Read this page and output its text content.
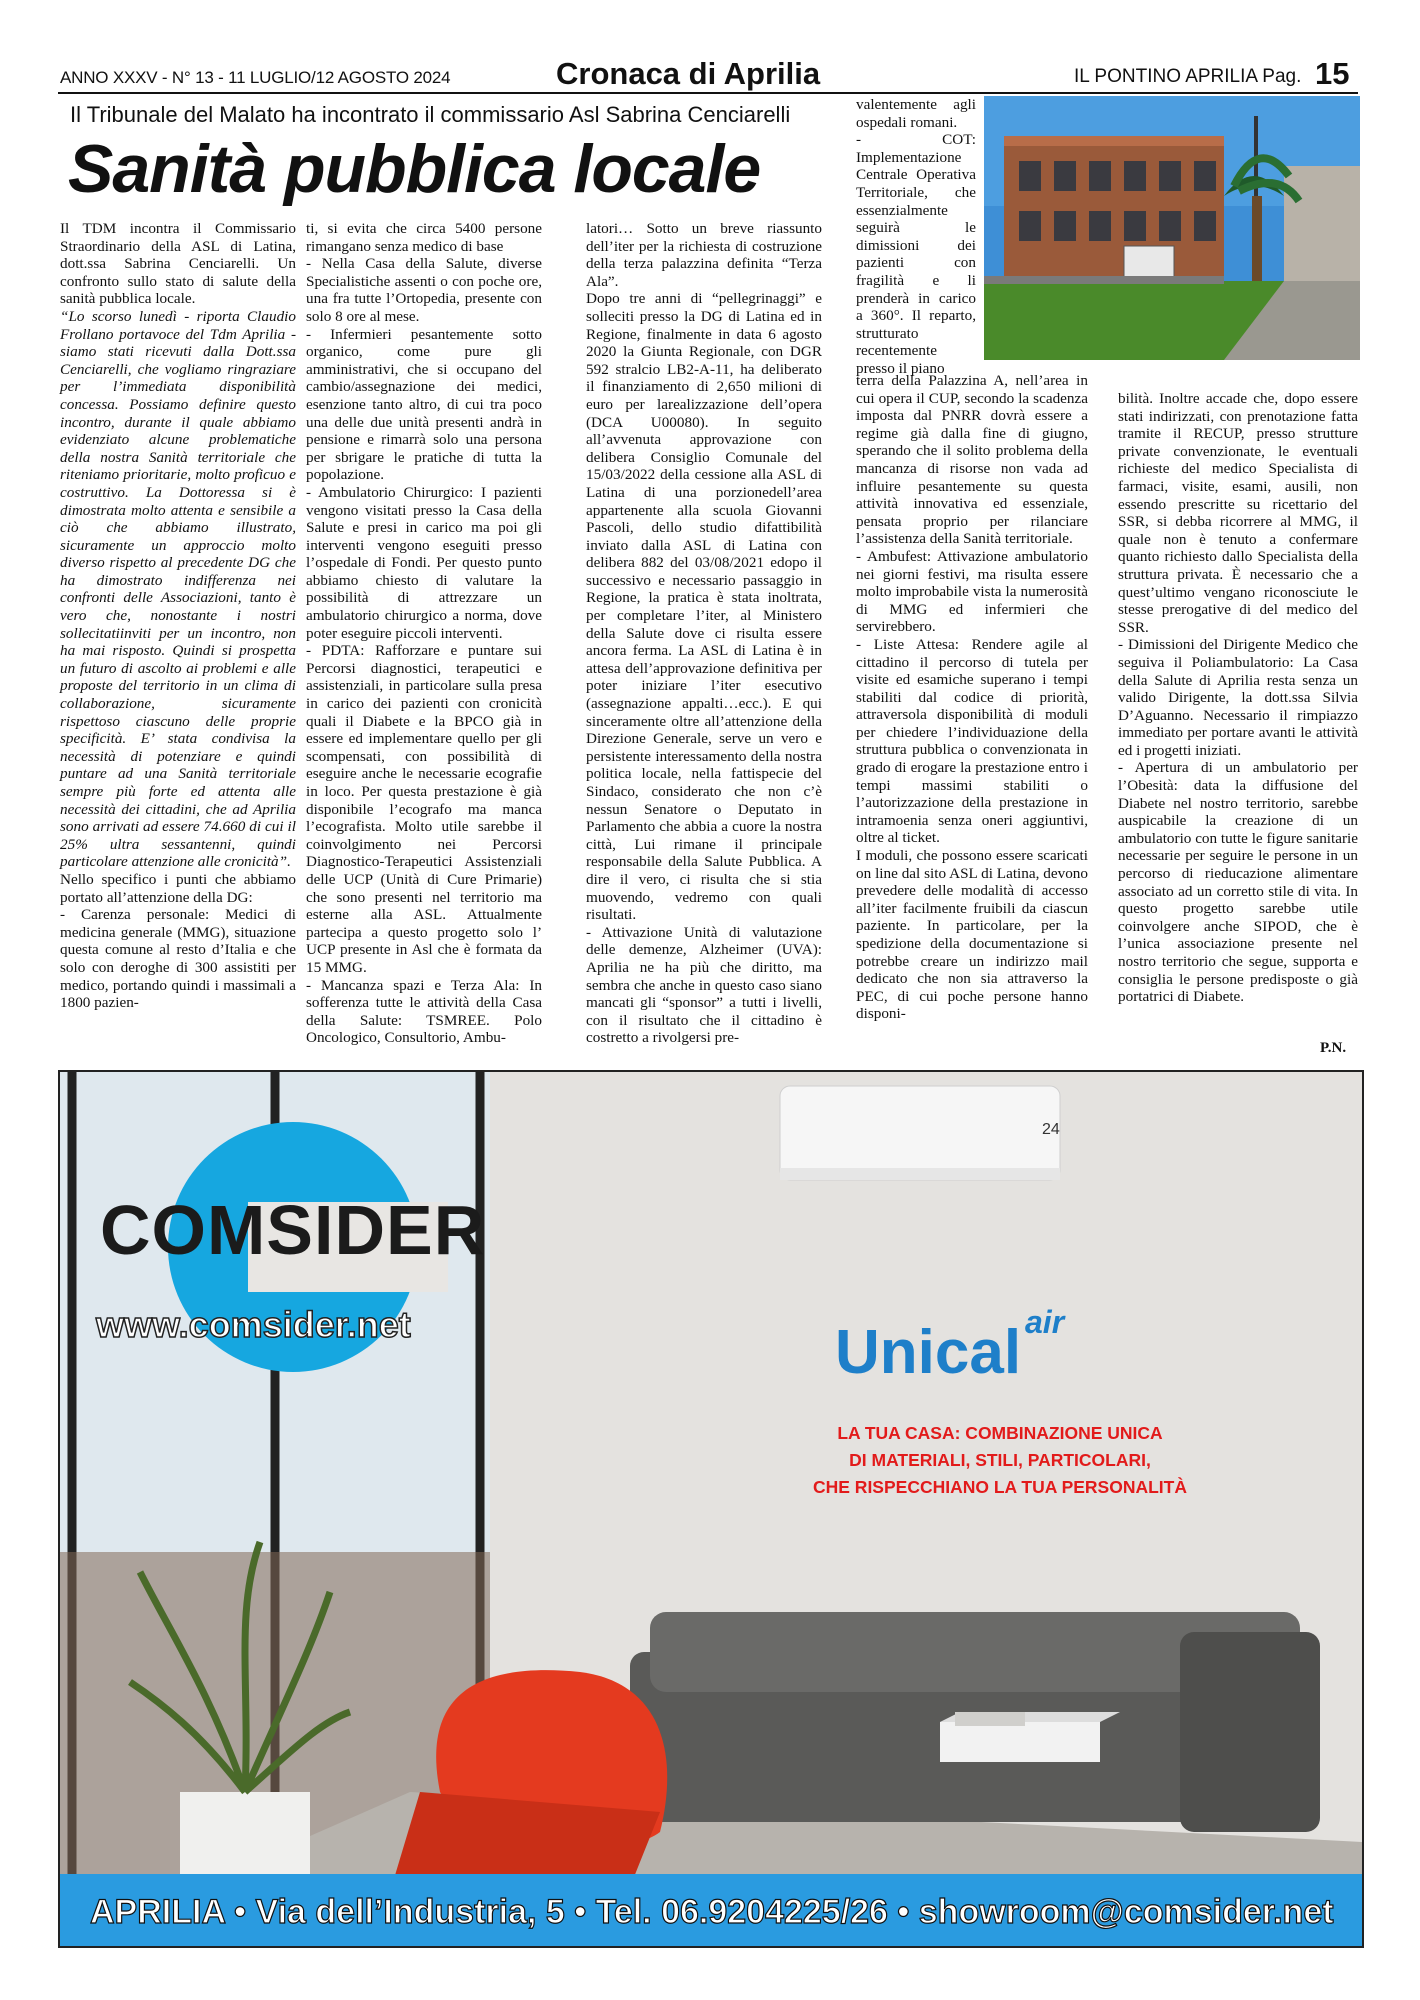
ANNO XXXV - N° 13 - 11 LUGLIO/12 AGOSTO 2024	Cronaca di Aprilia	IL PONTINO APRILIA Pag. 15
Il Tribunale del Malato ha incontrato il commissario Asl Sabrina Cenciarelli
Sanità pubblica locale

Il TDM incontra il Commissario Straordinario della ASL di Latina, dott.ssa Sabrina Cenciarelli. Un confronto sullo stato di salute della sanità pubblica locale.

“Lo scorso lunedì - riporta Claudio Frollano portavoce del Tdm Aprilia - siamo stati ricevuti dalla Dott.ssa Cenciarelli, che vogliamo ringraziare per l’immediata disponibilità concessa. Possiamo definire questo incontro, durante il quale abbiamo evidenziato alcune problematiche della nostra Sanità territoriale che riteniamo prioritarie, molto proficuo e costruttivo. La Dottoressa si è dimostrata molto attenta e sensibile a ciò che abbiamo illustrato, sicuramente un approccio molto diverso rispetto al precedente DG che ha dimostrato indifferenza nei confronti delle Associazioni, tanto è vero che, nonostante i nostri sollecitatiinviti per un incontro, non ha mai risposto. Quindi si prospetta un futuro di ascolto ai problemi e alle proposte del territorio in un clima di collaborazione, sicuramente rispettoso ciascuno delle proprie specificità. E’ stata condivisa la necessità di potenziare e quindi puntare ad una Sanità territoriale sempre più forte ed attenta alle necessità dei cittadini, che ad Aprilia sono arrivati ad essere 74.660 di cui il 25% ultra sessantenni, quindi particolare attenzione alle cronicità”.

Nello specifico i punti che abbiamo portato all’attenzione della DG:

- Carenza personale: Medici di medicina generale (MMG), situazione questa comune al resto d’Italia e che solo con deroghe di 300 assistiti per medico, portando quindi i massimali a 1800 pazien-

ti, si evita che circa 5400 persone rimangano senza medico di base

- Nella Casa della Salute, diverse Specialistiche assenti o con poche ore, una fra tutte l’Ortopedia, presente con solo 8 ore al mese.

- Infermieri pesantemente sotto organico, come pure gli amministrativi, che si occupano del cambio/assegnazione dei medici, esenzione tanto altro, di cui tra poco una delle due unità presenti andrà in pensione e rimarrà solo una persona per sbrigare le pratiche di tutta la popolazione.

- Ambulatorio Chirurgico: I pazienti vengono visitati presso la Casa della Salute e presi in carico ma poi gli interventi vengono eseguiti presso l’ospedale di Fondi. Per questo punto abbiamo chiesto di valutare la possibilità di attrezzare un ambulatorio chirurgico a norma, dove poter eseguire piccoli interventi.

- PDTA: Rafforzare e puntare sui Percorsi diagnostici, terapeutici e assistenziali, in particolare sulla presa in carico dei pazienti con cronicità quali il Diabete e la BPCO già in essere ed implementare quello per gli scompensati, con possibilità di eseguire anche le necessarie ecografie in loco. Per questa prestazione è già disponibile l’ecografo ma manca l’ecografista. Molto utile sarebbe il coinvolgimento nei Percorsi Diagnostico-Terapeutici Assistenziali delle UCP (Unità di Cure Primarie) che sono presenti nel territorio ma esterne alla ASL. Attualmente partecipa a questo progetto solo l’ UCP presente in Asl che è formata da 15 MMG.

- Mancanza spazi e Terza Ala: In sofferenza tutte le attività della Casa della Salute: TSMREE. Polo Oncologico, Consultorio, Ambu-

latori… Sotto un breve riassunto dell’iter per la richiesta di costruzione della terza palazzina definita “Terza Ala”.

Dopo tre anni di “pellegrinaggi” e solleciti presso la DG di Latina ed in Regione, finalmente in data 6 agosto 2020 la Giunta Regionale, con DGR 592 stralcio LB2-A-11, ha deliberato il finanziamento di 2,650 milioni di euro per larealizzazione dell’opera (DCA U00080). In seguito all’avvenuta approvazione con delibera Consiglio Comunale del 15/03/2022 della cessione alla ASL di Latina di una porzionedell’area appartenente alla scuola Giovanni Pascoli, dello studio difattibilità inviato dalla ASL di Latina con delibera 882 del 03/08/2021 edopo il successivo e necessario passaggio in Regione, la pratica è stata inoltrata, per completare l’iter, al Ministero della Salute dove ci risulta essere ancora ferma. La ASL di Latina è in attesa dell’approvazione definitiva per poter iniziare l’iter esecutivo (assegnazione appalti…ecc.). E qui sinceramente oltre all’attenzione della Direzione Generale, serve un vero e persistente interessamento della nostra politica locale, nella fattispecie del Sindaco, considerato che non c’è nessun Senatore o Deputato in Parlamento che abbia a cuore la nostra città, Lui rimane il principale responsabile della Salute Pubblica. A dire il vero, ci risulta che si stia muovendo, vedremo con quali risultati.

- Attivazione Unità di valutazione delle demenze, Alzheimer (UVA): Aprilia ne ha più che diritto, ma sembra che anche in questo caso siano mancati gli “sponsor” a tutti i livelli, con il risultato che il cittadino è costretto a rivolgersi pre-

valentemente agli ospedali romani.

- COT: Implementazione Centrale Operativa Territoriale, che essenzialmente seguirà le dimissioni dei pazienti con fragilità e li prenderà in carico a 360°. Il reparto, strutturato recentemente presso il piano

terra della Palazzina A, nell’area in cui opera il CUP, secondo la scadenza imposta dal PNRR dovrà essere a regime già dalla fine di giugno, sperando che il solito problema della mancanza di risorse non vada ad influire pesantemente su questa attività innovativa ed essenziale, pensata proprio per rilanciare l’assistenza della Sanità territoriale.

- Ambufest: Attivazione ambulatorio nei giorni festivi, ma risulta essere molto improbabile vista la numerosità di MMG ed infermieri che servirebbero.

- Liste Attesa: Rendere agile al cittadino il percorso di tutela per visite ed esamiche superano i tempi stabiliti dal codice di priorità, attraversola disponibilità di moduli per chiedere l’individuazione della struttura pubblica o convenzionata in grado di erogare la prestazione entro i tempi massimi stabiliti o l’autorizzazione della prestazione in intramoenia senza oneri aggiuntivi, oltre al ticket.

I moduli, che possono essere scaricati on line dal sito ASL di Latina, devono prevedere delle modalità di accesso all’iter facilmente fruibili da ciascun paziente. In particolare, per la spedizione della documentazione si potrebbe creare un indirizzo mail dedicato che non sia attraverso la PEC, di cui poche persone hanno disponi-

bilità. Inoltre accade che, dopo essere stati indirizzati, con prenotazione fatta tramite il RECUP, presso strutture private convenzionate, le eventuali richieste del medico Specialista di farmaci, visite, esami, ausili, non essendo prescritte su ricettario del SSR, si debba ricorrere al MMG, il quale non è tenuto a confermare quanto richiesto dallo Specialista della struttura privata. È necessario che a quest’ultimo vengano riconosciute le stesse prerogative di del medico del SSR.

- Dimissioni del Dirigente Medico che seguiva il Poliambulatorio: La Casa della Salute di Aprilia resta senza un valido Dirigente, la dott.ssa Silvia D’Aguanno. Necessario il rimpiazzo immediato per portare avanti le attività ed i progetti iniziati.

- Apertura di un ambulatorio per l’Obesità: data la diffusione del Diabete nel nostro territorio, sarebbe auspicabile la creazione di un ambulatorio con tutte le figure sanitarie necessarie per seguire le persone in un percorso di rieducazione alimentare associato ad un corretto stile di vita. In questo progetto sarebbe utile coinvolgere anche SIPOD, che è l’unica associazione presente nel nostro territorio che segue, supporta e consiglia le persone predisposte o già portatrici di Diabete.

P.N.
24
COMSIDER
www.comsider.net	Unical air
LA TUA CASA: COMBINAZIONE UNICA
DI MATERIALI, STILI, PARTICOLARI,
CHE RISPECCHIANO LA TUA PERSONALITÀ
APRILIA • Via dell’Industria, 5 • Tel. 06.9204225/26 • showroom@comsider.net
